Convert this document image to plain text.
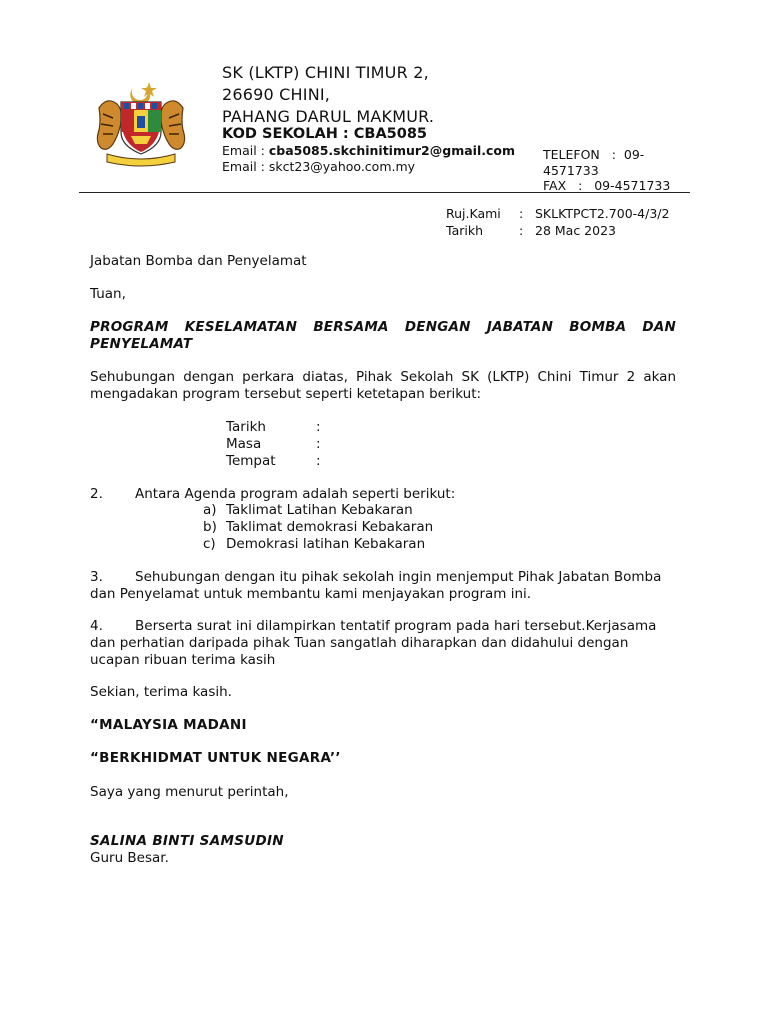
SK (LKTP) CHINI TIMUR 2,
26690 CHINI,
PAHANG DARUL MAKMUR.
KOD SEKOLAH : CBA5085
Email : cba5085.skchinitimur2@gmail.com
Email : skct23@yahoo.com.my
TELEFON : 09-4571733
FAX : 09-4571733
Ruj.Kami : SKLKTPCT2.700-4/3/2
Tarikh	: 28 Mac 2023
Jabatan Bomba dan Penyelamat
Tuan,
PROGRAM KESELAMATAN BERSAMA DENGAN JABATAN BOMBA DAN PENYELAMAT
Sehubungan dengan perkara diatas, Pihak Sekolah SK (LKTP) Chini Timur 2 akan mengadakan program tersebut seperti ketetapan berikut:
Tarikh	:
Masa	:
Tempat	:
2. Antara Agenda program adalah seperti berikut:
a) Taklimat Latihan Kebakaran
b) Taklimat demokrasi Kebakaran
c) Demokrasi latihan Kebakaran
3. Sehubungan dengan itu pihak sekolah ingin menjemput Pihak Jabatan Bomba dan Penyelamat untuk membantu kami menjayakan program ini.
4. Berserta surat ini dilampirkan tentatif program pada hari tersebut.Kerjasama dan perhatian daripada pihak Tuan sangatlah diharapkan dan didahului dengan ucapan ribuan terima kasih
Sekian, terima kasih.
“MALAYSIA MADANI
“BERKHIDMAT UNTUK NEGARA’’
Saya yang menurut perintah,
SALINA BINTI SAMSUDIN
Guru Besar.
